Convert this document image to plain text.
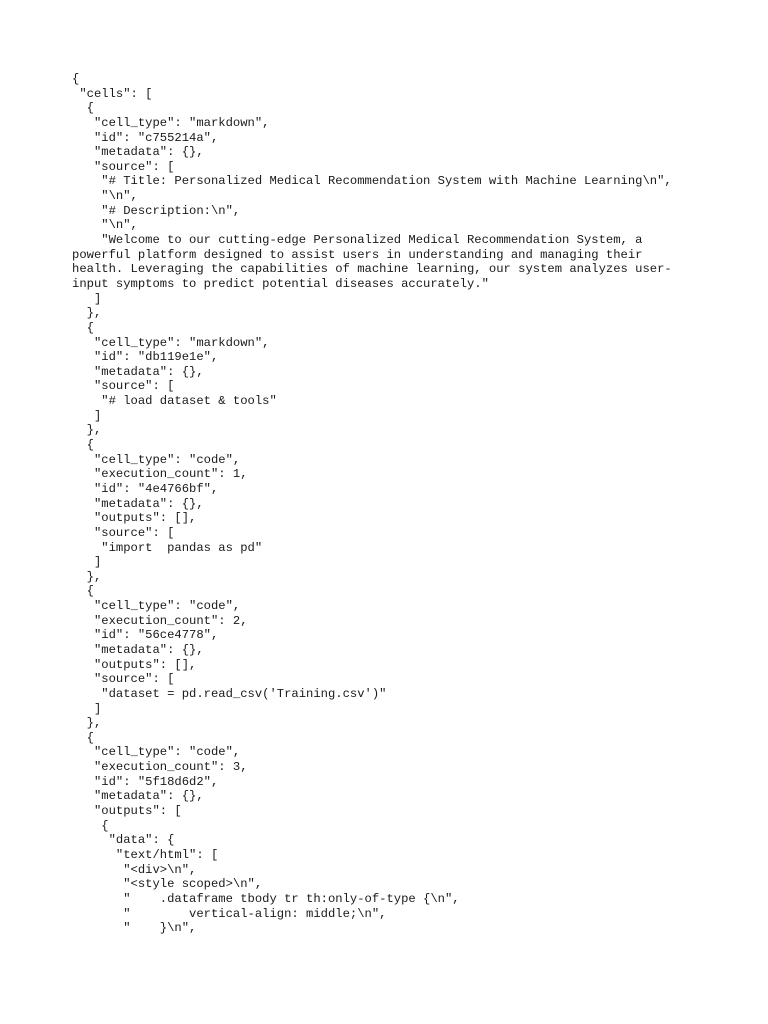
{
"cells": [
{
"cell_type": "markdown",
"id": "c755214a",
"metadata": {},
"source": [
"# Title: Personalized Medical Recommendation System with Machine Learning\n",
"\n",
"# Description:\n",
"\n",
"Welcome to our cutting-edge Personalized Medical Recommendation System, a
powerful platform designed to assist users in understanding and managing their
health. Leveraging the capabilities of machine learning, our system analyzes user-
input symptoms to predict potential diseases accurately."
]
},
{
"cell_type": "markdown",
"id": "db119e1e",
"metadata": {},
"source": [
"# load dataset & tools"
]
},
{
"cell_type": "code",
"execution_count": 1,
"id": "4e4766bf",
"metadata": {},
"outputs": [],
"source": [
"import  pandas as pd"
]
},
{
"cell_type": "code",
"execution_count": 2,
"id": "56ce4778",
"metadata": {},
"outputs": [],
"source": [
"dataset = pd.read_csv('Training.csv')"
]
},
{
"cell_type": "code",
"execution_count": 3,
"id": "5f18d6d2",
"metadata": {},
"outputs": [
{
"data": {
"text/html": [
"<div>\n",
"<style scoped>\n",
"    .dataframe tbody tr th:only-of-type {\n",
"        vertical-align: middle;\n",
"    }\n",
